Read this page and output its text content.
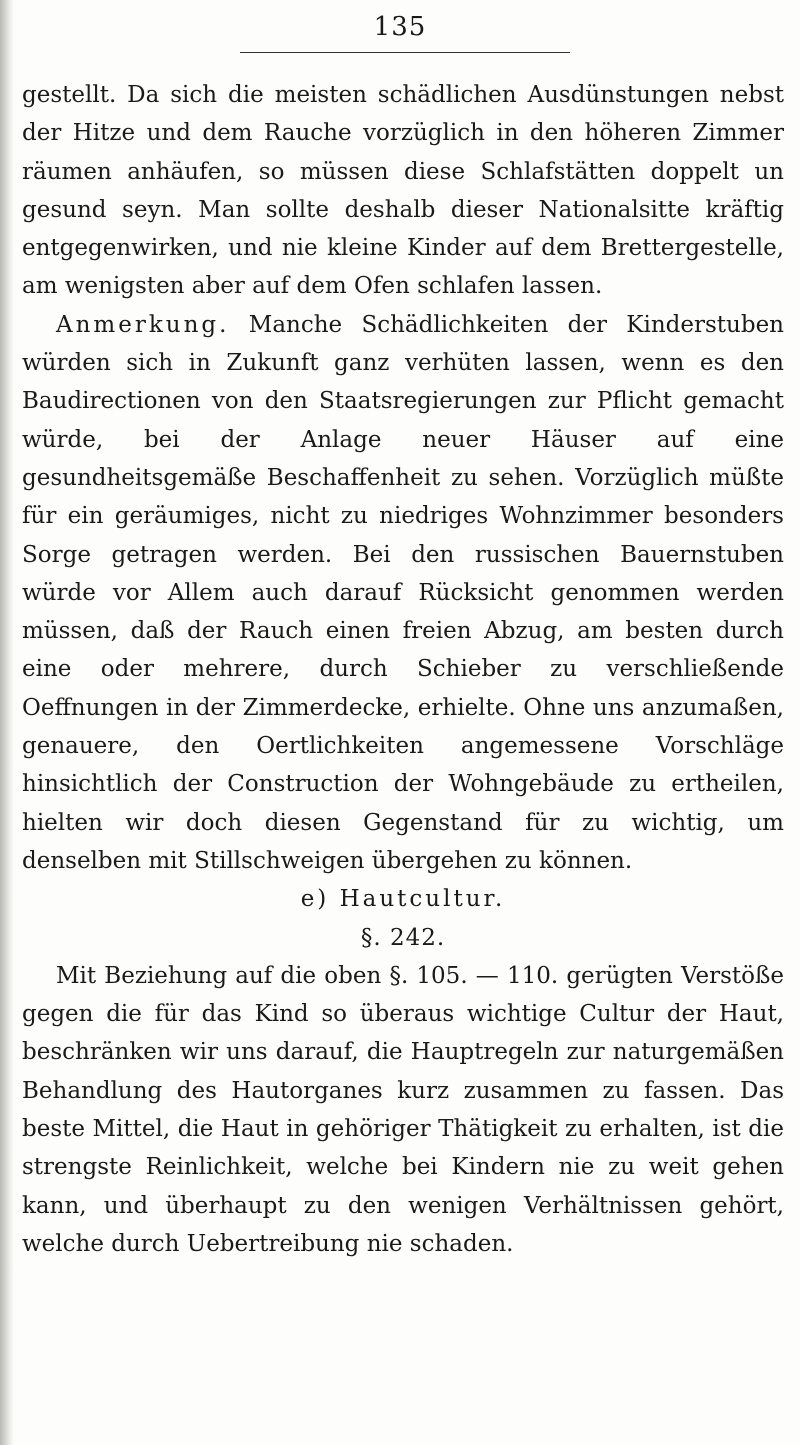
135

gestellt. Da sich die meisten schädlichen Ausdünstungen nebst der Hitze und dem Rauche vorzüglich in den höheren Zimmer räumen anhäufen, so müssen diese Schlafstätten doppelt un gesund seyn. Man sollte deshalb dieser Nationalsitte kräftig entgegenwirken, und nie kleine Kinder auf dem Brettergestelle, am wenigsten aber auf dem Ofen schlafen lassen.

Anmerkung. Manche Schädlichkeiten der Kinderstuben würden sich in Zukunft ganz verhüten lassen, wenn es den Baudirectionen von den Staatsregierungen zur Pflicht gemacht würde, bei der Anlage neuer Häuser auf eine gesundheitsgemäße Beschaffenheit zu sehen. Vorzüglich müßte für ein geräumiges, nicht zu niedriges Wohnzimmer besonders Sorge getragen werden. Bei den russischen Bauernstuben würde vor Allem auch darauf Rücksicht genommen werden müssen, daß der Rauch einen freien Abzug, am besten durch eine oder mehrere, durch Schieber zu verschließende Oeffnungen in der Zimmerdecke, erhielte. Ohne uns anzumaßen, genauere, den Oertlichkeiten angemessene Vorschläge hinsichtlich der Construction der Wohngebäude zu ertheilen, hielten wir doch diesen Gegenstand für zu wichtig, um denselben mit Stillschweigen übergehen zu können.

e) Hautcultur.

§. 242.

Mit Beziehung auf die oben §. 105. — 110. gerügten Verstöße gegen die für das Kind so überaus wichtige Cultur der Haut, beschränken wir uns darauf, die Hauptregeln zur naturgemäßen Behandlung des Hautorganes kurz zusammen zu fassen. Das beste Mittel, die Haut in gehöriger Thätigkeit zu erhalten, ist die strengste Reinlichkeit, welche bei Kindern nie zu weit gehen kann, und überhaupt zu den wenigen Verhältnissen gehört, welche durch Uebertreibung nie schaden.
